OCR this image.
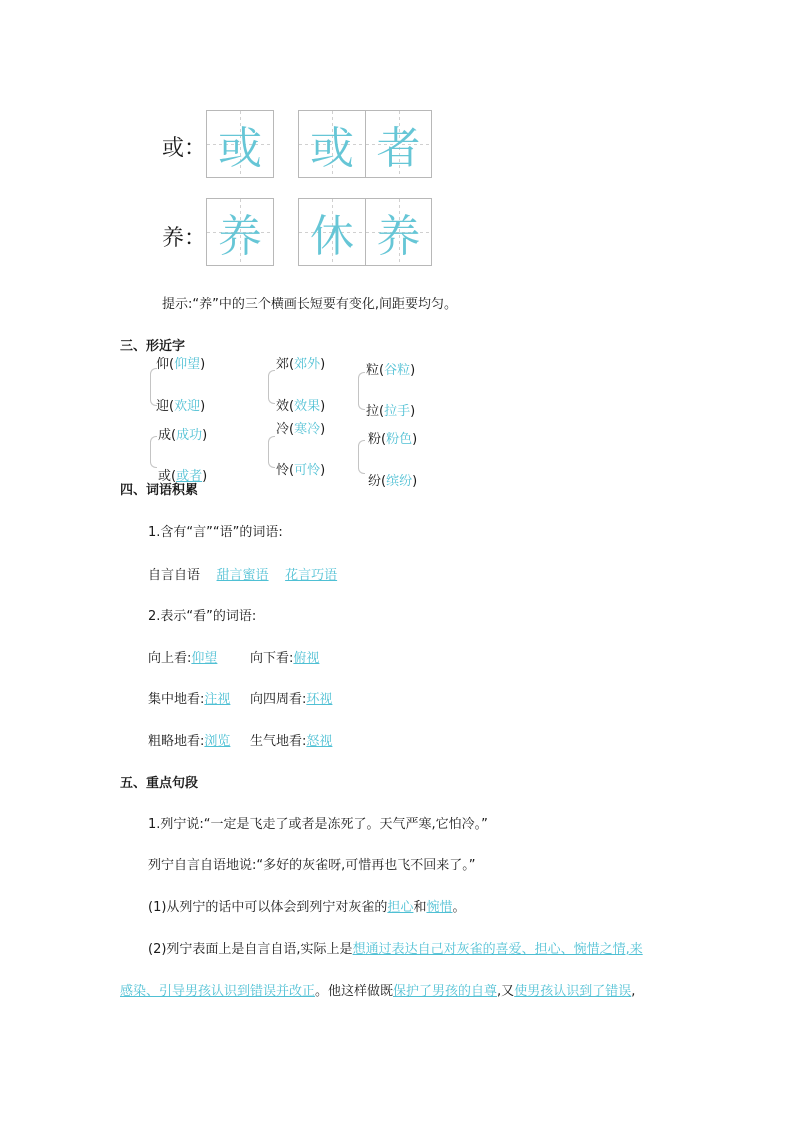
或： 或 或 者
养： 养 休 养
提示:“养”中的三个横画长短要有变化,间距要均匀。
三、形近字
仰(仰望)
迎(欢迎)
郊(郊外)
效(效果)
粒(谷粒)
拉(拉手)
成(成功)
或(或者)
冷(寒冷)
怜(可怜)
粉(粉色)
纷(缤纷)
四、词语积累
1.含有“言”“语”的词语:
自言自语 甜言蜜语 花言巧语
2.表示“看”的词语:
向上看:仰望	向下看:俯视
集中地看:注视 向四周看:环视
粗略地看:浏览 生气地看:怒视
五、重点句段
1.列宁说:“一定是飞走了或者是冻死了。天气严寒,它怕冷。”
列宁自言自语地说:“多好的灰雀呀,可惜再也飞不回来了。”
(1)从列宁的话中可以体会到列宁对灰雀的担心和惋惜。
(2)列宁表面上是自言自语,实际上是想通过表达自己对灰雀的喜爱、担心、惋惜之情,来
感染、引导男孩认识到错误并改正。他这样做既保护了男孩的自尊,又使男孩认识到了错误,
